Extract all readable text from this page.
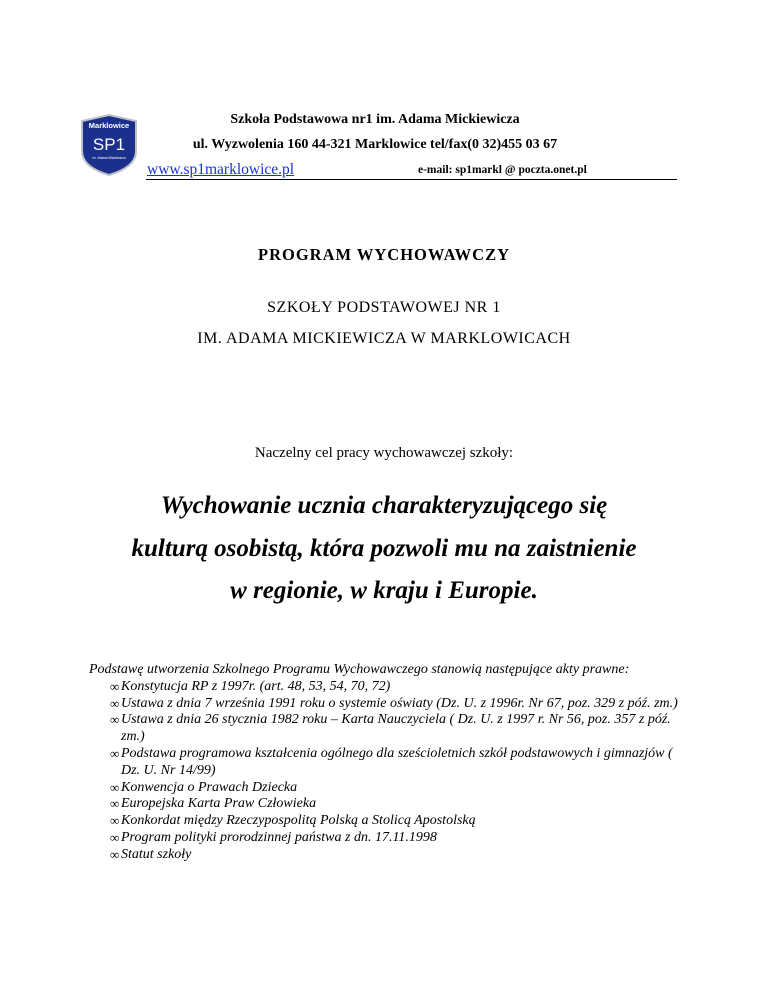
Marklowice
SP1
im. Adama Mickiewicza
Szkoła Podstawowa nr1 im. Adama Mickiewicza
ul. Wyzwolenia 160 44-321 Marklowice tel/fax(0 32)455 03 67
www.sp1marklowice.pl	e-mail: sp1markl @ poczta.onet.pl
PROGRAM WYCHOWAWCZY
SZKOŁY PODSTAWOWEJ NR 1
IM. ADAMA MICKIEWICZA W MARKLOWICACH
Naczelny cel pracy wychowawczej szkoły:
Wychowanie ucznia charakteryzującego się
kulturą osobistą, która pozwoli mu na zaistnienie
w regionie, w kraju i Europie.

Podstawę utworzenia Szkolnego Programu Wychowawczego stanowią następujące akty prawne:

∞ Konstytucja RP z 1997r. (art. 48, 53, 54, 70, 72)
∞ Ustawa z dnia 7 września 1991 roku o systemie oświaty (Dz. U. z 1996r. Nr 67, poz. 329 z póź. zm.)
∞ Ustawa z dnia 26 stycznia 1982 roku – Karta Nauczyciela ( Dz. U. z 1997 r. Nr 56, poz. 357 z póź. zm.)
∞ Podstawa programowa kształcenia ogólnego dla sześcioletnich szkół podstawowych i gimnazjów ( Dz. U. Nr 14/99)
∞ Konwencja o Prawach Dziecka
∞ Europejska Karta Praw Człowieka
∞ Konkordat między Rzeczypospolitą Polską a Stolicą Apostolską
∞ Program polityki prorodzinnej państwa z dn. 17.11.1998
∞ Statut szkoły
